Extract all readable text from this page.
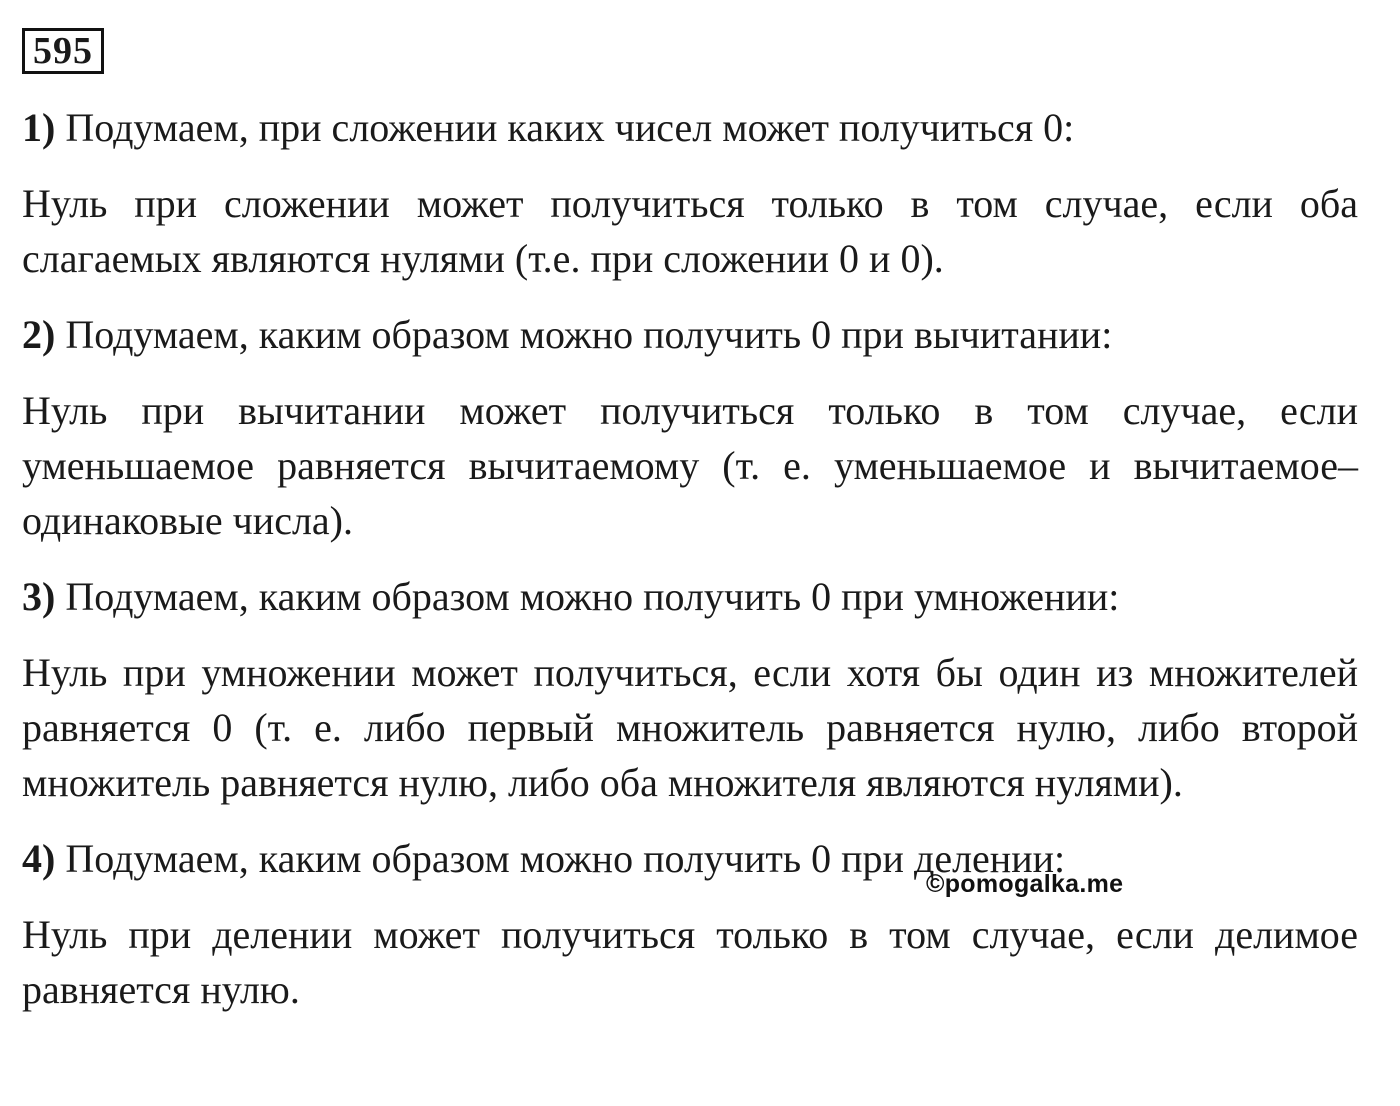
595

1) Подумаем, при сложении каких чисел может получиться 0:

Нуль при сложении может получиться только в том случае, если оба слагаемых являются нулями (т.е. при сложении 0 и 0).

2) Подумаем, каким образом можно получить 0 при вычитании:

Нуль при вычитании может получиться только в том случае, если уменьшаемое равняется вычитаемому (т. е. уменьшаемое и вычитаемое– одинаковые числа).

3) Подумаем, каким образом можно получить 0 при умножении:

Нуль при умножении может получиться, если хотя бы один из множителей равняется 0 (т. е. либо первый множитель равняется нулю, либо второй множитель равняется нулю, либо оба множителя являются нулями).

4) Подумаем, каким образом можно получить 0 при делении:

Нуль при делении может получиться только в том случае, если делимое равняется нулю.

©pomogalka.me
